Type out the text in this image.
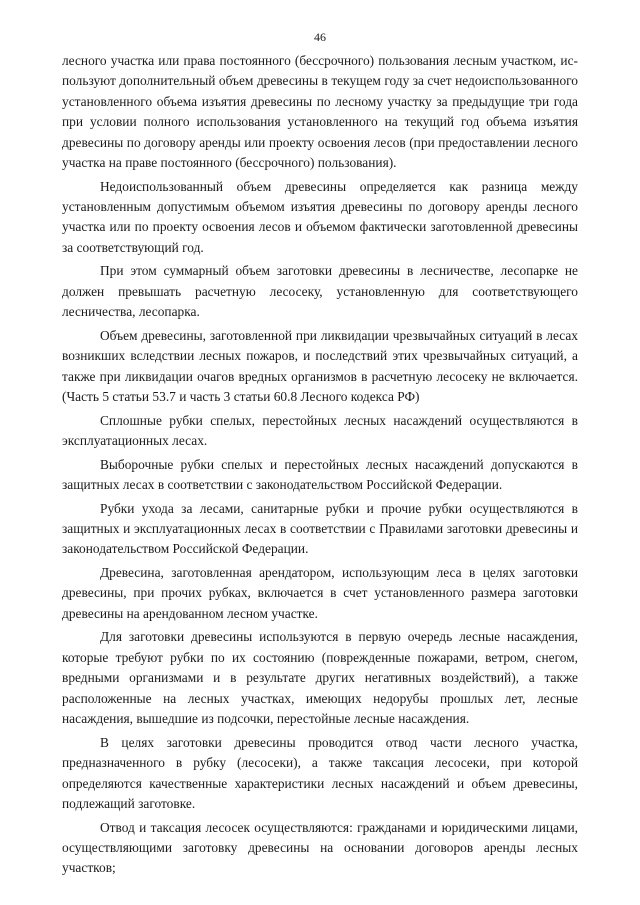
46

лесного участка или права постоянного (бессрочного) пользования лесным участком, используют дополнительный объем древесины в текущем году за счет недоиспользованного установленного объема изъятия древесины по лесному участку за предыдущие три года при условии полного использования установленного на текущий год объема изъятия древесины по договору аренды или проекту освоения лесов (при предоставлении лесного участка на праве постоянного (бессрочного) пользования).

Недоиспользованный объем древесины определяется как разница между установленным допустимым объемом изъятия древесины по договору аренды лесного участка или по проекту освоения лесов и объемом фактически заготовленной древесины за соответствующий год.

При этом суммарный объем заготовки древесины в лесничестве, лесопарке не должен превышать расчетную лесосеку, установленную для соответствующего лесничества, лесопарка.

Объем древесины, заготовленной при ликвидации чрезвычайных ситуаций в лесах возникших вследствии лесных пожаров, и последствий этих чрезвычайных ситуаций, а также при ликвидации очагов вредных организмов в расчетную лесосеку не включается. (Часть 5 статьи 53.7 и часть 3 статьи 60.8 Лесного кодекса РФ)

Сплошные рубки спелых, перестойных лесных насаждений осуществляются в эксплуатационных лесах.

Выборочные рубки спелых и перестойных лесных насаждений допускаются в защитных лесах в соответствии с законодательством Российской Федерации.

Рубки ухода за лесами, санитарные рубки и прочие рубки осуществляются в защитных и эксплуатационных лесах в соответствии с Правилами заготовки древесины и законодательством Российской Федерации.

Древесина, заготовленная арендатором, использующим леса в целях заготовки древесины, при прочих рубках, включается в счет установленного размера заготовки древесины на арендованном лесном участке.

Для заготовки древесины используются в первую очередь лесные насаждения, которые требуют рубки по их состоянию (поврежденные пожарами, ветром, снегом, вредными организмами и в результате других негативных воздействий), а также расположенные на лесных участках, имеющих недорубы прошлых лет, лесные насаждения, вышедшие из подсочки, перестойные лесные насаждения.

В целях заготовки древесины проводится отвод части лесного участка, предназначенного в рубку (лесосеки), а также таксация лесосеки, при которой определяются качественные характеристики лесных насаждений и объем древесины, подлежащий заготовке.

Отвод и таксация лесосек осуществляются: гражданами и юридическими лицами, осуществляющими заготовку древесины на основании договоров аренды лесных участков;
